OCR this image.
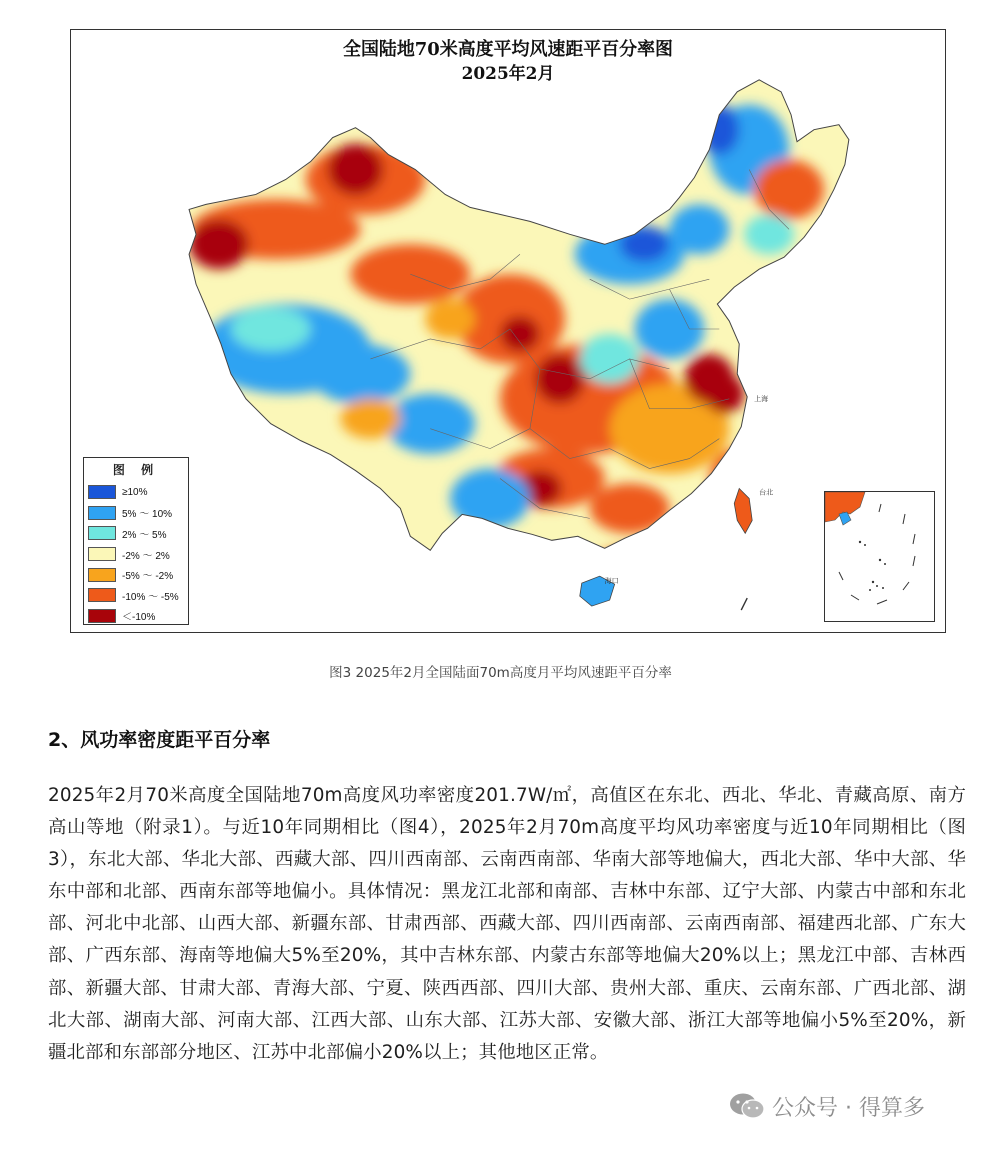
全国陆地70米高度平均风速距平百分率图
2025年2月
上海
台北
海口
图 例
≥10%
5% ～ 10%
2% ～ 5%
-2% ～ 2%
-5% ～ -2%
-10% ～ -5%
＜-10%
图3 2025年2月全国陆面70m高度月平均风速距平百分率
2、风功率密度距平百分率

2025年2月70米高度全国陆地70m高度风功率密度201.7W/㎡，高值区在东北、西北、华北、青藏高原、南方高山等地（附录1）。与近10年同期相比（图4），2025年2月70m高度平均风功率密度与近10年同期相比（图3），东北大部、华北大部、西藏大部、四川西南部、云南西南部、华南大部等地偏大，西北大部、华中大部、华东中部和北部、西南东部等地偏小。具体情况：黑龙江北部和南部、吉林中东部、辽宁大部、内蒙古中部和东北部、河北中北部、山西大部、新疆东部、甘肃西部、西藏大部、四川西南部、云南西南部、福建西北部、广东大部、广西东部、海南等地偏大5%至20%，其中吉林东部、内蒙古东部等地偏大20%以上；黑龙江中部、吉林西部、新疆大部、甘肃大部、青海大部、宁夏、陕西西部、四川大部、贵州大部、重庆、云南东部、广西北部、湖北大部、湖南大部、河南大部、江西大部、山东大部、江苏大部、安徽大部、浙江大部等地偏小5%至20%，新疆北部和东部部分地区、江苏中北部偏小20%以上；其他地区正常。

公众号 · 得算多
